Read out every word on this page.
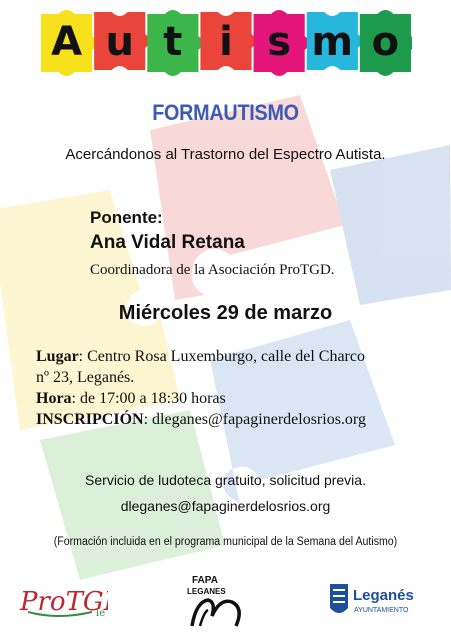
A u t i s m o
FORMAUTISMO
Acercándonos al Trastorno del Espectro Autista.
Ponente:
Ana Vidal Retana
Coordinadora de la Asociación ProTGD.
Miércoles 29 de marzo
Lugar: Centro Rosa Luxemburgo, calle del Charco
nº 23, Leganés.
Hora: de 17:00 a 18:30 horas
INSCRIPCIÓN: dleganes@fapaginerdelosrios.org
Servicio de ludoteca gratuito, solicitud previa.
dleganes@fapaginerdelosrios.org
(Formación incluida en el programa municipal de la Semana del Autismo)
ProTG
le
FAPA
LEGANES	Leganés
AYUNTAMIENTO
